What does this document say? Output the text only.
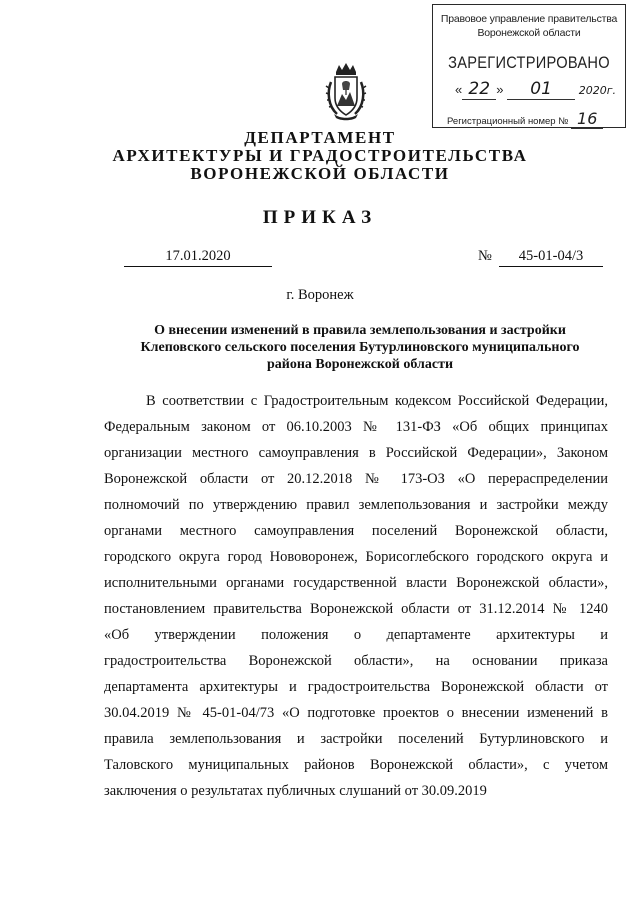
Правовое управление правительства
Воронежской области
ЗАРЕГИСТРИРОВАНО
« 22 » 01 2020г.
Регистрационный номер № 16
ДЕПАРТАМЕНТ
АРХИТЕКТУРЫ И ГРАДОСТРОИТЕЛЬСТВА
ВОРОНЕЖСКОЙ ОБЛАСТИ
ПРИКАЗ
17.01.2020	№	45-01-04/3
г. Воронеж
О внесении изменений в правила землепользования и застройки
Клеповского сельского поселения Бутурлиновского муниципального
района Воронежской области
В соответствии с Градостроительным кодексом Российской Федерации,
Федеральным законом от 06.10.2003 № 131-ФЗ «Об общих принципах
организации местного самоуправления в Российской Федерации», Законом
Воронежской области от 20.12.2018 № 173-ОЗ «О перераспределении
полномочий по утверждению правил землепользования и застройки между
органами местного самоуправления поселений Воронежской области,
городского округа город Нововоронеж, Борисоглебского городского округа и
исполнительными органами государственной власти Воронежской области»,
постановлением правительства Воронежской области от 31.12.2014 № 1240
«Об утверждении положения о департаменте архитектуры и
градостроительства Воронежской области», на основании приказа
департамента архитектуры и градостроительства Воронежской области от
30.04.2019 № 45-01-04/73 «О подготовке проектов о внесении изменений в
правила землепользования и застройки поселений Бутурлиновского и
Таловского муниципальных районов Воронежской области», с учетом
заключения о результатах публичных слушаний от 30.09.2019
